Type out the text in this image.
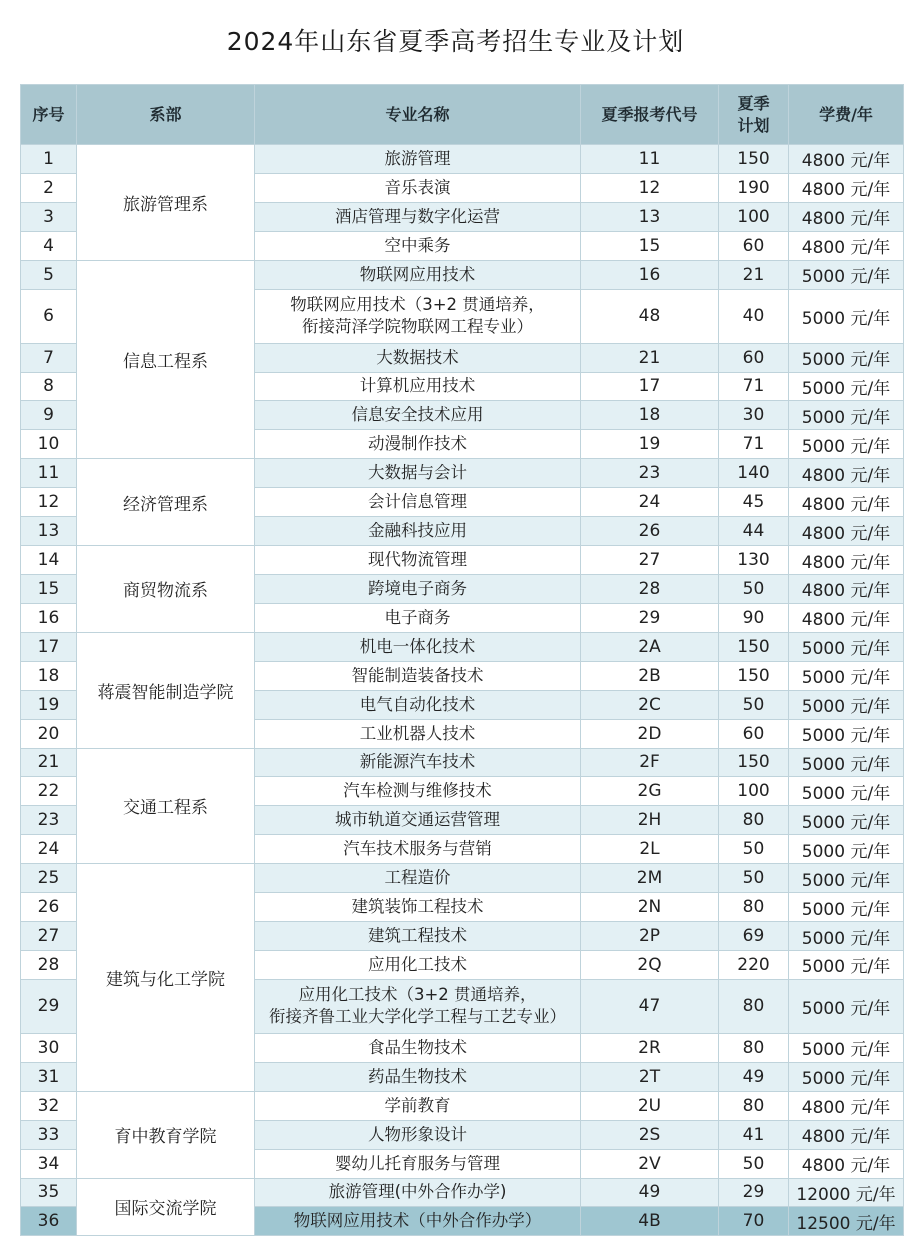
2024年山东省夏季高考招生专业及计划
序号	系部	专业名称	夏季报考代号	夏季计划	学费/年
1	旅游管理系	旅游管理	11	150	4800 元/年
2		音乐表演	12	190	4800 元/年
3		酒店管理与数字化运营	13	100	4800 元/年
4		空中乘务	15	60	4800 元/年
5	信息工程系	物联网应用技术	16	21	5000 元/年
6		物联网应用技术（3+2 贯通培养，
衔接菏泽学院物联网工程专业）	48	40	5000 元/年
7		大数据技术	21	60	5000 元/年
8		计算机应用技术	17	71	5000 元/年
9		信息安全技术应用	18	30	5000 元/年
10		动漫制作技术	19	71	5000 元/年
11	经济管理系	大数据与会计	23	140	4800 元/年
12		会计信息管理	24	45	4800 元/年
13		金融科技应用	26	44	4800 元/年
14	商贸物流系	现代物流管理	27	130	4800 元/年
15		跨境电子商务	28	50	4800 元/年
16		电子商务	29	90	4800 元/年
17	蒋震智能制造学院	机电一体化技术	2A	150	5000 元/年
18		智能制造装备技术	2B	150	5000 元/年
19		电气自动化技术	2C	50	5000 元/年
20		工业机器人技术	2D	60	5000 元/年
21	交通工程系	新能源汽车技术	2F	150	5000 元/年
22		汽车检测与维修技术	2G	100	5000 元/年
23		城市轨道交通运营管理	2H	80	5000 元/年
24		汽车技术服务与营销	2L	50	5000 元/年
25	建筑与化工学院	工程造价	2M	50	5000 元/年
26		建筑装饰工程技术	2N	80	5000 元/年
27		建筑工程技术	2P	69	5000 元/年
28		应用化工技术	2Q	220	5000 元/年
29		应用化工技术（3+2 贯通培养，
衔接齐鲁工业大学化学工程与工艺专业）	47	80	5000 元/年
30		食品生物技术	2R	80	5000 元/年
31		药品生物技术	2T	49	5000 元/年
32	育中教育学院	学前教育	2U	80	4800 元/年
33		人物形象设计	2S	41	4800 元/年
34		婴幼儿托育服务与管理	2V	50	4800 元/年
35	国际交流学院	旅游管理(中外合作办学)	49	29	12000 元/年
36		物联网应用技术（中外合作办学）	4B	70	12500 元/年
